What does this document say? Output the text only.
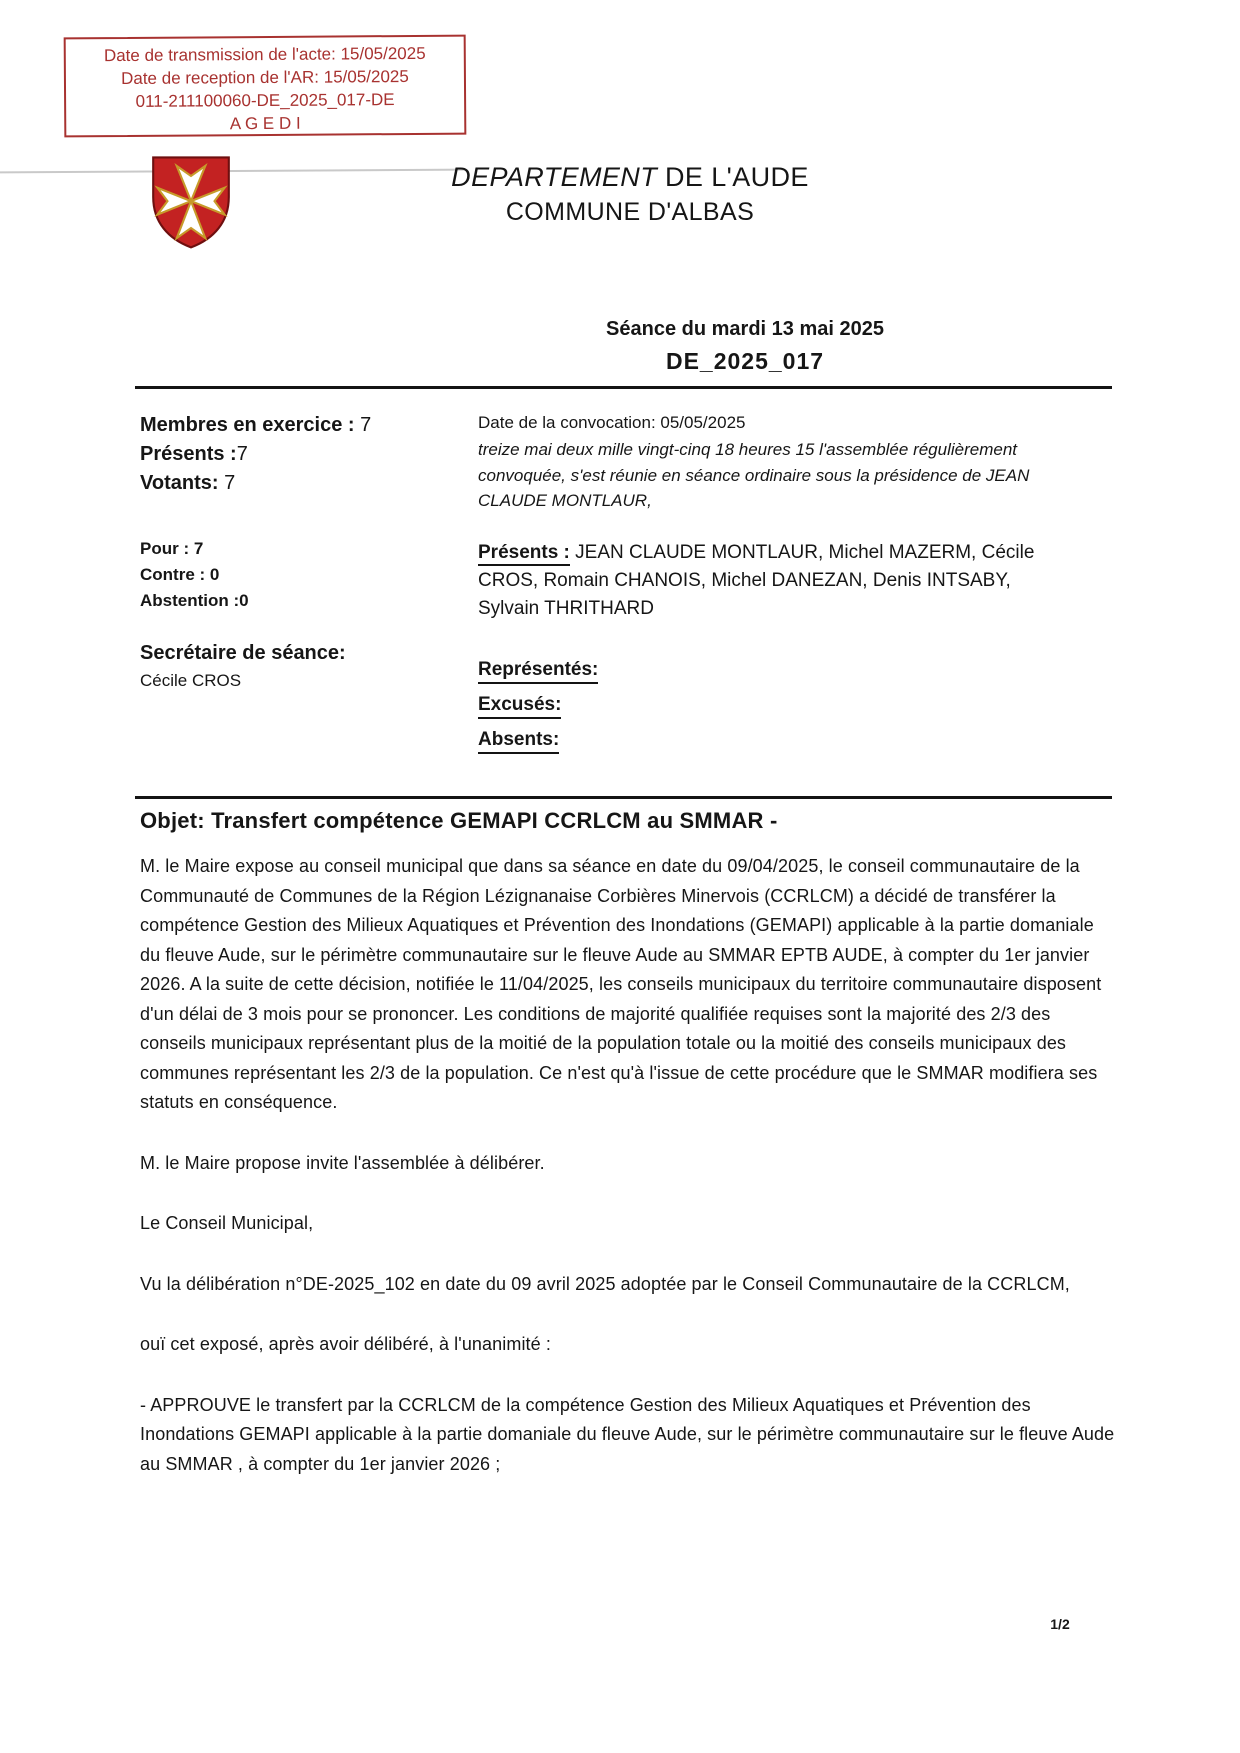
Date de transmission de l'acte: 15/05/2025
Date de reception de l'AR: 15/05/2025
011-211100060-DE_2025_017-DE
A G E D I
DEPARTEMENT DE L'AUDE
COMMUNE D'ALBAS
Séance du mardi 13 mai 2025
DE_2025_017
Membres en exercice : 7
Présents :7
Votants: 7
Pour : 7
Contre : 0
Abstention :0
Secrétaire de séance:
Cécile CROS
Date de la convocation: 05/05/2025
treize mai deux mille vingt-cinq 18 heures 15 l'assemblée régulièrement convoquée, s'est réunie en séance ordinaire sous la présidence de JEAN CLAUDE MONTLAUR,
Présents : JEAN CLAUDE MONTLAUR, Michel MAZERM, Cécile CROS, Romain CHANOIS, Michel DANEZAN, Denis INTSABY, Sylvain THRITHARD
Représentés:
Excusés:
Absents:
Objet: Transfert compétence GEMAPI CCRLCM au SMMAR -

M. le Maire expose au conseil municipal que dans sa séance en date du 09/04/2025, le conseil communautaire de la Communauté de Communes de la Région Lézignanaise Corbières Minervois (CCRLCM) a décidé de transférer la compétence Gestion des Milieux Aquatiques et Prévention des Inondations (GEMAPI) applicable à la partie domaniale du fleuve Aude, sur le périmètre communautaire sur le fleuve Aude au SMMAR EPTB AUDE, à compter du 1er janvier 2026. A la suite de cette décision, notifiée le 11/04/2025, les conseils municipaux du territoire communautaire disposent d'un délai de 3 mois pour se prononcer. Les conditions de majorité qualifiée requises sont la majorité des 2/3 des conseils municipaux représentant plus de la moitié de la population totale ou la moitié des conseils municipaux des communes représentant les 2/3 de la population. Ce n'est qu'à l'issue de cette procédure que le SMMAR modifiera ses statuts en conséquence.

M. le Maire propose invite l'assemblée à délibérer.

Le Conseil Municipal,

Vu la délibération n°DE-2025_102 en date du 09 avril 2025 adoptée par le Conseil Communautaire de la CCRLCM,

ouï cet exposé, après avoir délibéré, à l'unanimité :

- APPROUVE le transfert par la CCRLCM de la compétence Gestion des Milieux Aquatiques et Prévention des Inondations GEMAPI applicable à la partie domaniale du fleuve Aude, sur le périmètre communautaire sur le fleuve Aude au SMMAR , à compter du 1er janvier 2026 ;

1/2
